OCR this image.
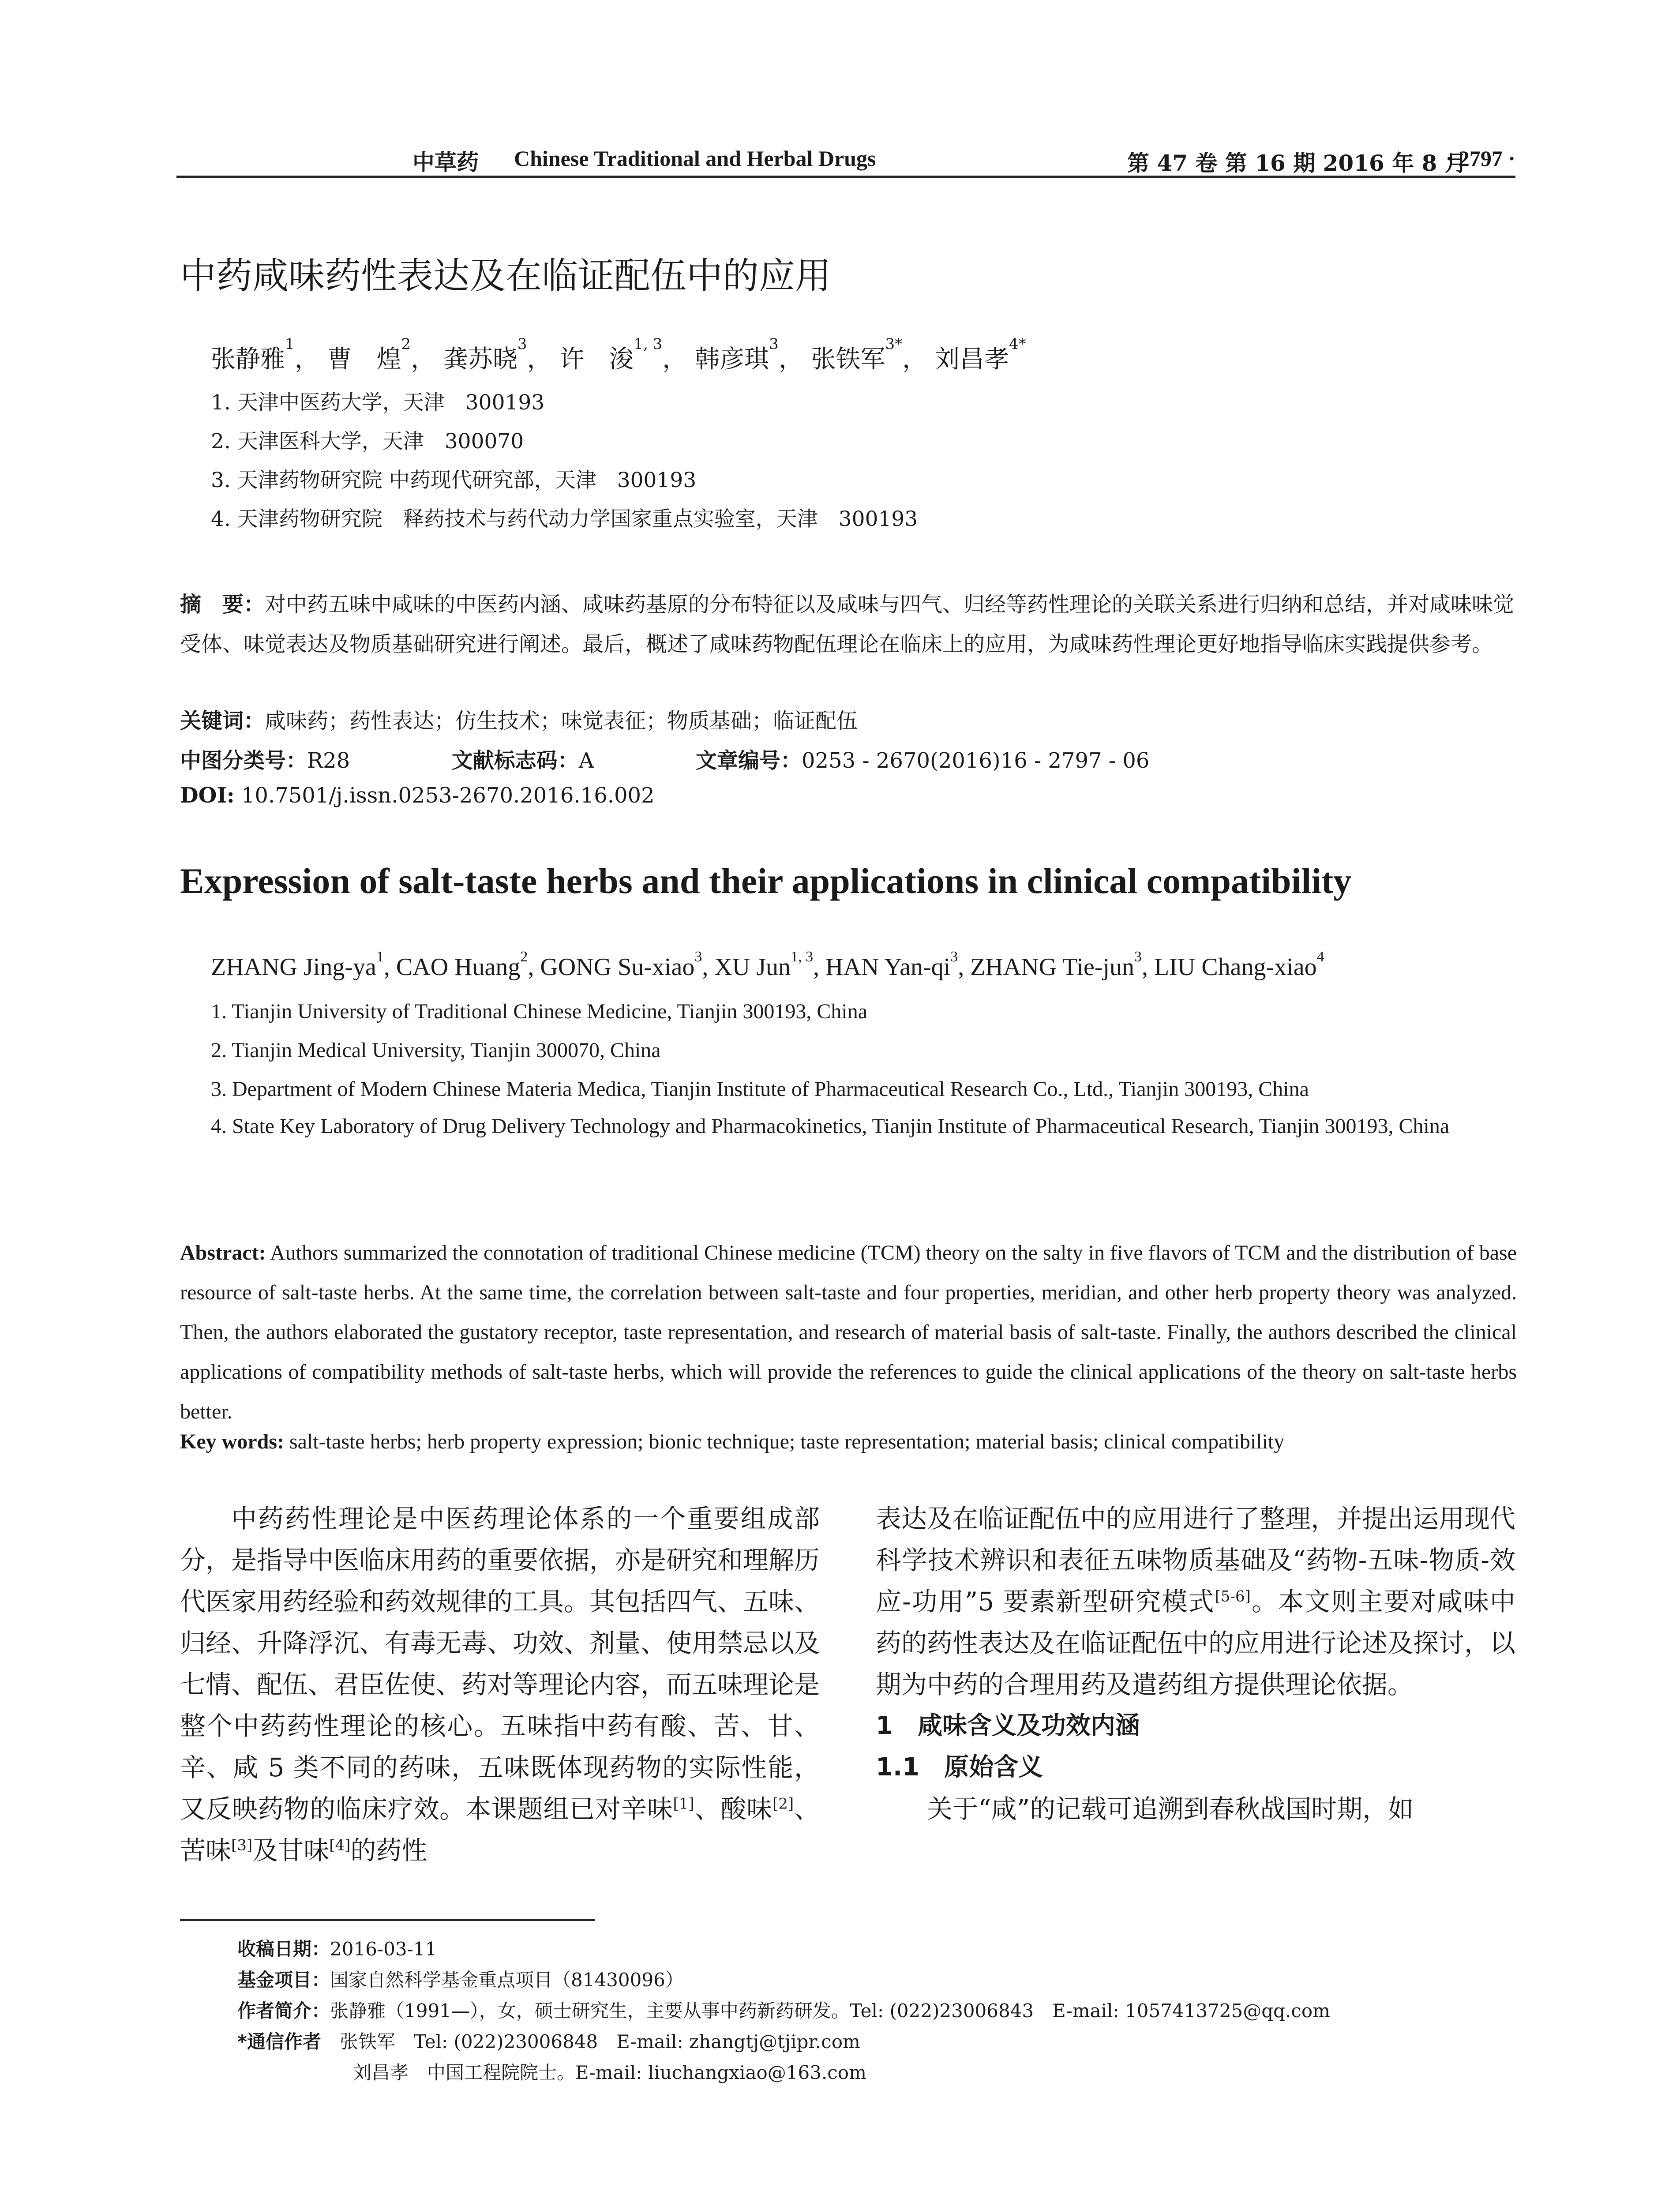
中草药 Chinese Traditional and Herbal Drugs	第 47 卷 第 16 期 2016 年 8 月
· 2797 ·
中药咸味药性表达及在临证配伍中的应用
张静雅$^1$， 曹　煌$^2$， 龚苏晓$^3$， 许　浚$^{1, 3}$， 韩彦琪$^3$， 张铁军$^{3*}$， 刘昌孝$^{4*}$
1. 天津中医药大学，天津　300193
2. 天津医科大学，天津　300070
3. 天津药物研究院 中药现代研究部，天津　300193
4. 天津药物研究院　释药技术与药代动力学国家重点实验室，天津　300193
摘　要：对中药五味中咸味的中医药内涵、咸味药基原的分布特征以及咸味与四气、归经等药性理论的关联关系进行归纳和总结，并对咸味味觉受体、味觉表达及物质基础研究进行阐述。最后，概述了咸味药物配伍理论在临床上的应用，为咸味药性理论更好地指导临床实践提供参考。
关键词：咸味药；药性表达；仿生技术；味觉表征；物质基础；临证配伍
中图分类号：R28	文献标志码：A	文章编号：0253 - 2670(2016)16 - 2797 - 06
DOI: 10.7501/j.issn.0253-2670.2016.16.002
Expression of salt-taste herbs and their applications in clinical compatibility
ZHANG Jing-$ya^1$, CAO Huang$^2$, GONG Su-xiao$^3$, XU Jun$^{1, 3}$, HAN Yan-$qi^3$, ZHANG Tie-jun$^3$, LIU Chang-xiao$^4$
1. Tianjin University of Traditional Chinese Medicine, Tianjin 300193, China
2. Tianjin Medical University, Tianjin 300070, China
3. Department of Modern Chinese Materia Medica, Tianjin Institute of Pharmaceutical Research Co., Ltd., Tianjin 300193, China
4. State Key Laboratory of Drug Delivery Technology and Pharmacokinetics, Tianjin Institute of Pharmaceutical Research, Tianjin 300193, China
Abstract: Authors summarized the connotation of traditional Chinese medicine (TCM) theory on the salty in five flavors of TCM and the distribution of base resource of salt-taste herbs. At the same time, the correlation between salt-taste and four properties, meridian, and other herb property theory was analyzed. Then, the authors elaborated the gustatory receptor, taste representation, and research of material basis of salt-taste. Finally, the authors described the clinical applications of compatibility methods of salt-taste herbs, which will provide the references to guide the clinical applications of the theory on salt-taste herbs better.
Key words: salt-taste herbs; herb property expression; bionic technique; taste representation; material basis; clinical compatibility

中药药性理论是中医药理论体系的一个重要组成部分，是指导中医临床用药的重要依据，亦是研究和理解历代医家用药经验和药效规律的工具。其包括四气、五味、归经、升降浮沉、有毒无毒、功效、剂量、使用禁忌以及七情、配伍、君臣佐使、药对等理论内容，而五味理论是整个中药药性理论的核心。五味指中药有酸、苦、甘、辛、咸 5 类不同的药味，五味既体现药物的实际性能，又反映药物的临床疗效。本课题组已对辛味[1]、酸味[2]、苦味[3]及甘味[4]的药性

表达及在临证配伍中的应用进行了整理，并提出运用现代科学技术辨识和表征五味物质基础及“药物-五味-物质-效应-功用”5 要素新型研究模式[5-6]。本文则主要对咸味中药的药性表达及在临证配伍中的应用进行论述及探讨，以期为中药的合理用药及遣药组方提供理论依据。

1　咸味含义及功效内涵

1.1　原始含义

关于“咸”的记载可追溯到春秋战国时期，如

收稿日期：2016-03-11
基金项目：国家自然科学基金重点项目（81430096）
作者简介：张静雅（1991—），女，硕士研究生，主要从事中药新药研发。Tel: (022)23006843　E-mail: 1057413725@qq.com
*通信作者　 张铁军　Tel: (022)23006848　E-mail: zhangtj@tjipr.com
刘昌孝　中国工程院院士。E-mail: liuchangxiao@163.com
